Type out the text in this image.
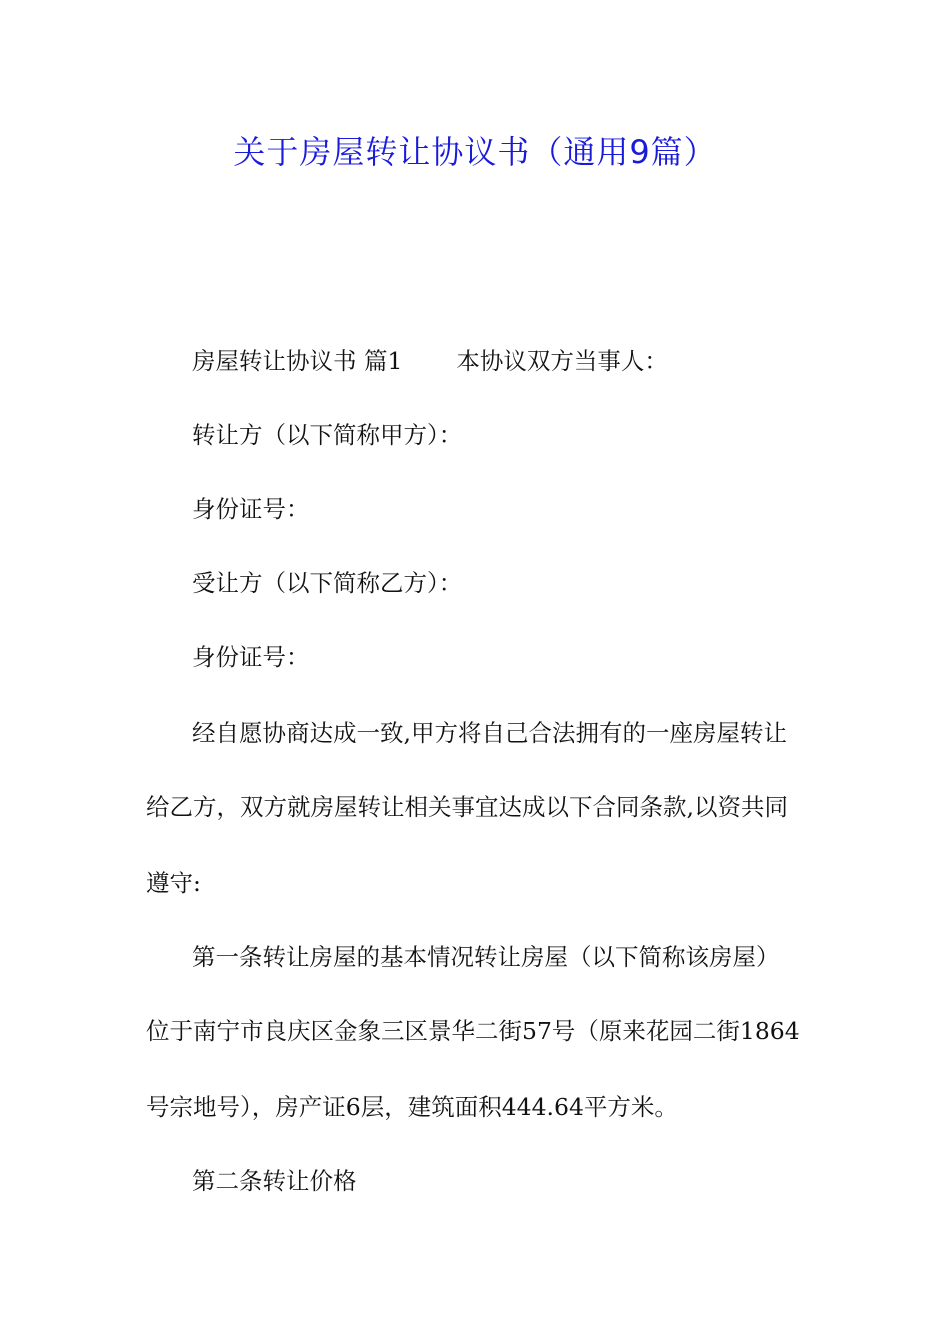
关于房屋转让协议书（通用9篇）

房屋转让协议书 篇1 本协议双方当事人：

转让方（以下简称甲方）：

身份证号：

受让方（以下简称乙方）：

身份证号：

经自愿协商达成一致,甲方将自己合法拥有的一座房屋转让

给乙方，双方就房屋转让相关事宜达成以下合同条款,以资共同

遵守:

第一条转让房屋的基本情况转让房屋（以下简称该房屋）

位于南宁市良庆区金象三区景华二街57号（原来花园二街1864

号宗地号），房产证6层，建筑面积444.64平方米。

第二条转让价格
